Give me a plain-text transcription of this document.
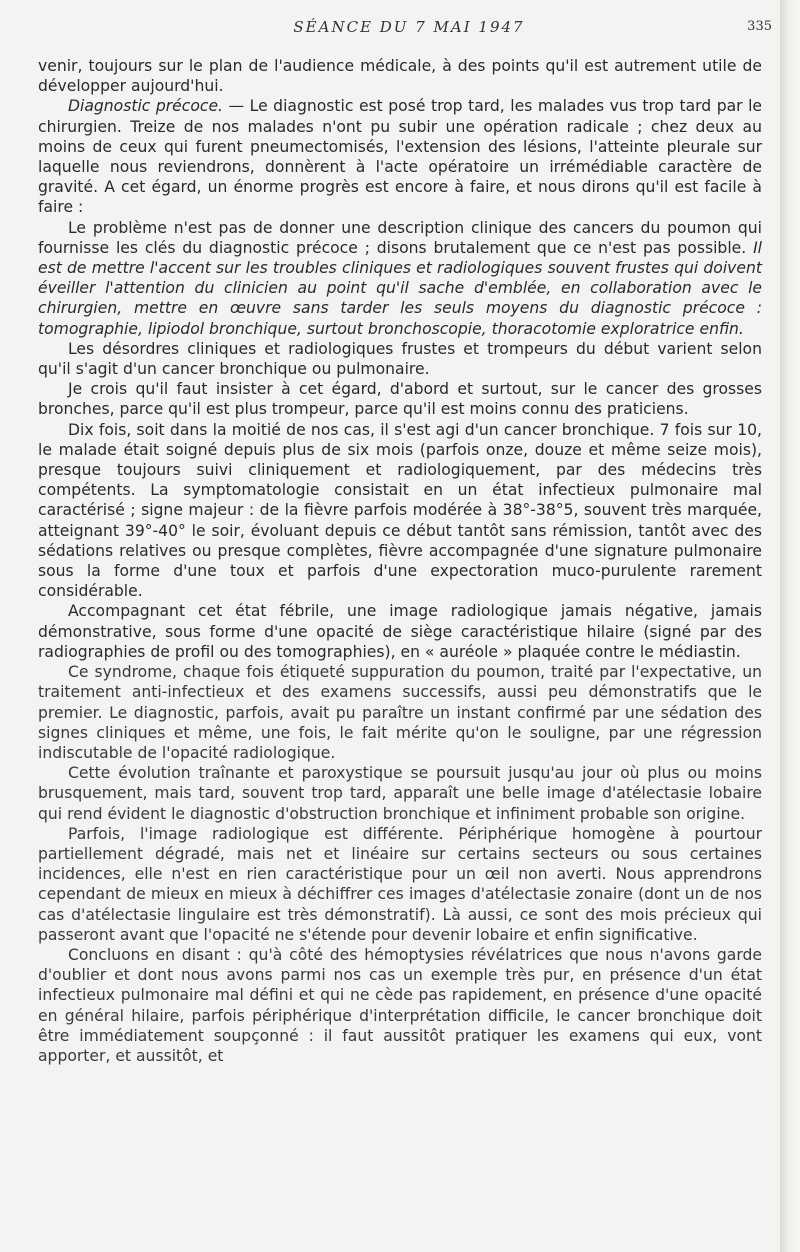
SÉANCE DU 7 MAI 1947	335

venir, toujours sur le plan de l'audience médicale, à des points qu'il est autrement utile de développer aujourd'hui.

Diagnostic précoce. — Le diagnostic est posé trop tard, les malades vus trop tard par le chirurgien. Treize de nos malades n'ont pu subir une opération radicale ; chez deux au moins de ceux qui furent pneumectomisés, l'extension des lésions, l'atteinte pleurale sur laquelle nous reviendrons, donnèrent à l'acte opératoire un irrémédiable caractère de gravité. A cet égard, un énorme progrès est encore à faire, et nous dirons qu'il est facile à faire :

Le problème n'est pas de donner une description clinique des cancers du poumon qui fournisse les clés du diagnostic précoce ; disons brutalement que ce n'est pas possible. Il est de mettre l'accent sur les troubles cliniques et radiologiques souvent frustes qui doivent éveiller l'attention du clinicien au point qu'il sache d'emblée, en collaboration avec le chirurgien, mettre en œuvre sans tarder les seuls moyens du diagnostic précoce : tomographie, lipiodol bronchique, surtout bronchoscopie, thoracotomie exploratrice enfin.

Les désordres cliniques et radiologiques frustes et trompeurs du début varient selon qu'il s'agit d'un cancer bronchique ou pulmonaire.

Je crois qu'il faut insister à cet égard, d'abord et surtout, sur le cancer des grosses bronches, parce qu'il est plus trompeur, parce qu'il est moins connu des praticiens.

Dix fois, soit dans la moitié de nos cas, il s'est agi d'un cancer bronchique. 7 fois sur 10, le malade était soigné depuis plus de six mois (parfois onze, douze et même seize mois), presque toujours suivi cliniquement et radiologiquement, par des médecins très compétents. La symptomatologie consistait en un état infectieux pulmonaire mal caractérisé ; signe majeur : de la fièvre parfois modérée à 38°-38°5, souvent très marquée, atteignant 39°-40° le soir, évoluant depuis ce début tantôt sans rémission, tantôt avec des sédations relatives ou presque complètes, fièvre accompagnée d'une signature pulmonaire sous la forme d'une toux et parfois d'une expectoration muco-purulente rarement considérable.

Accompagnant cet état fébrile, une image radiologique jamais négative, jamais démonstrative, sous forme d'une opacité de siège caractéristique hilaire (signé par des radiographies de profil ou des tomographies), en « auréole » plaquée contre le médiastin.

Ce syndrome, chaque fois étiqueté suppuration du poumon, traité par l'expectative, un traitement anti-infectieux et des examens successifs, aussi peu démonstratifs que le premier. Le diagnostic, parfois, avait pu paraître un instant confirmé par une sédation des signes cliniques et même, une fois, le fait mérite qu'on le souligne, par une régression indiscutable de l'opacité radiologique.

Cette évolution traînante et paroxystique se poursuit jusqu'au jour où plus ou moins brusquement, mais tard, souvent trop tard, apparaît une belle image d'atélectasie lobaire qui rend évident le diagnostic d'obstruction bronchique et infiniment probable son origine.

Parfois, l'image radiologique est différente. Périphérique homogène à pourtour partiellement dégradé, mais net et linéaire sur certains secteurs ou sous certaines incidences, elle n'est en rien caractéristique pour un œil non averti. Nous apprendrons cependant de mieux en mieux à déchiffrer ces images d'atélectasie zonaire (dont un de nos cas d'atélectasie lingulaire est très démonstratif). Là aussi, ce sont des mois précieux qui passeront avant que l'opacité ne s'étende pour devenir lobaire et enfin significative.

Concluons en disant : qu'à côté des hémoptysies révélatrices que nous n'avons garde d'oublier et dont nous avons parmi nos cas un exemple très pur, en présence d'un état infectieux pulmonaire mal défini et qui ne cède pas rapidement, en présence d'une opacité en général hilaire, parfois périphérique d'interprétation difficile, le cancer bronchique doit être immédiatement soupçonné : il faut aussitôt pratiquer les examens qui eux, vont apporter, et aussitôt, et
